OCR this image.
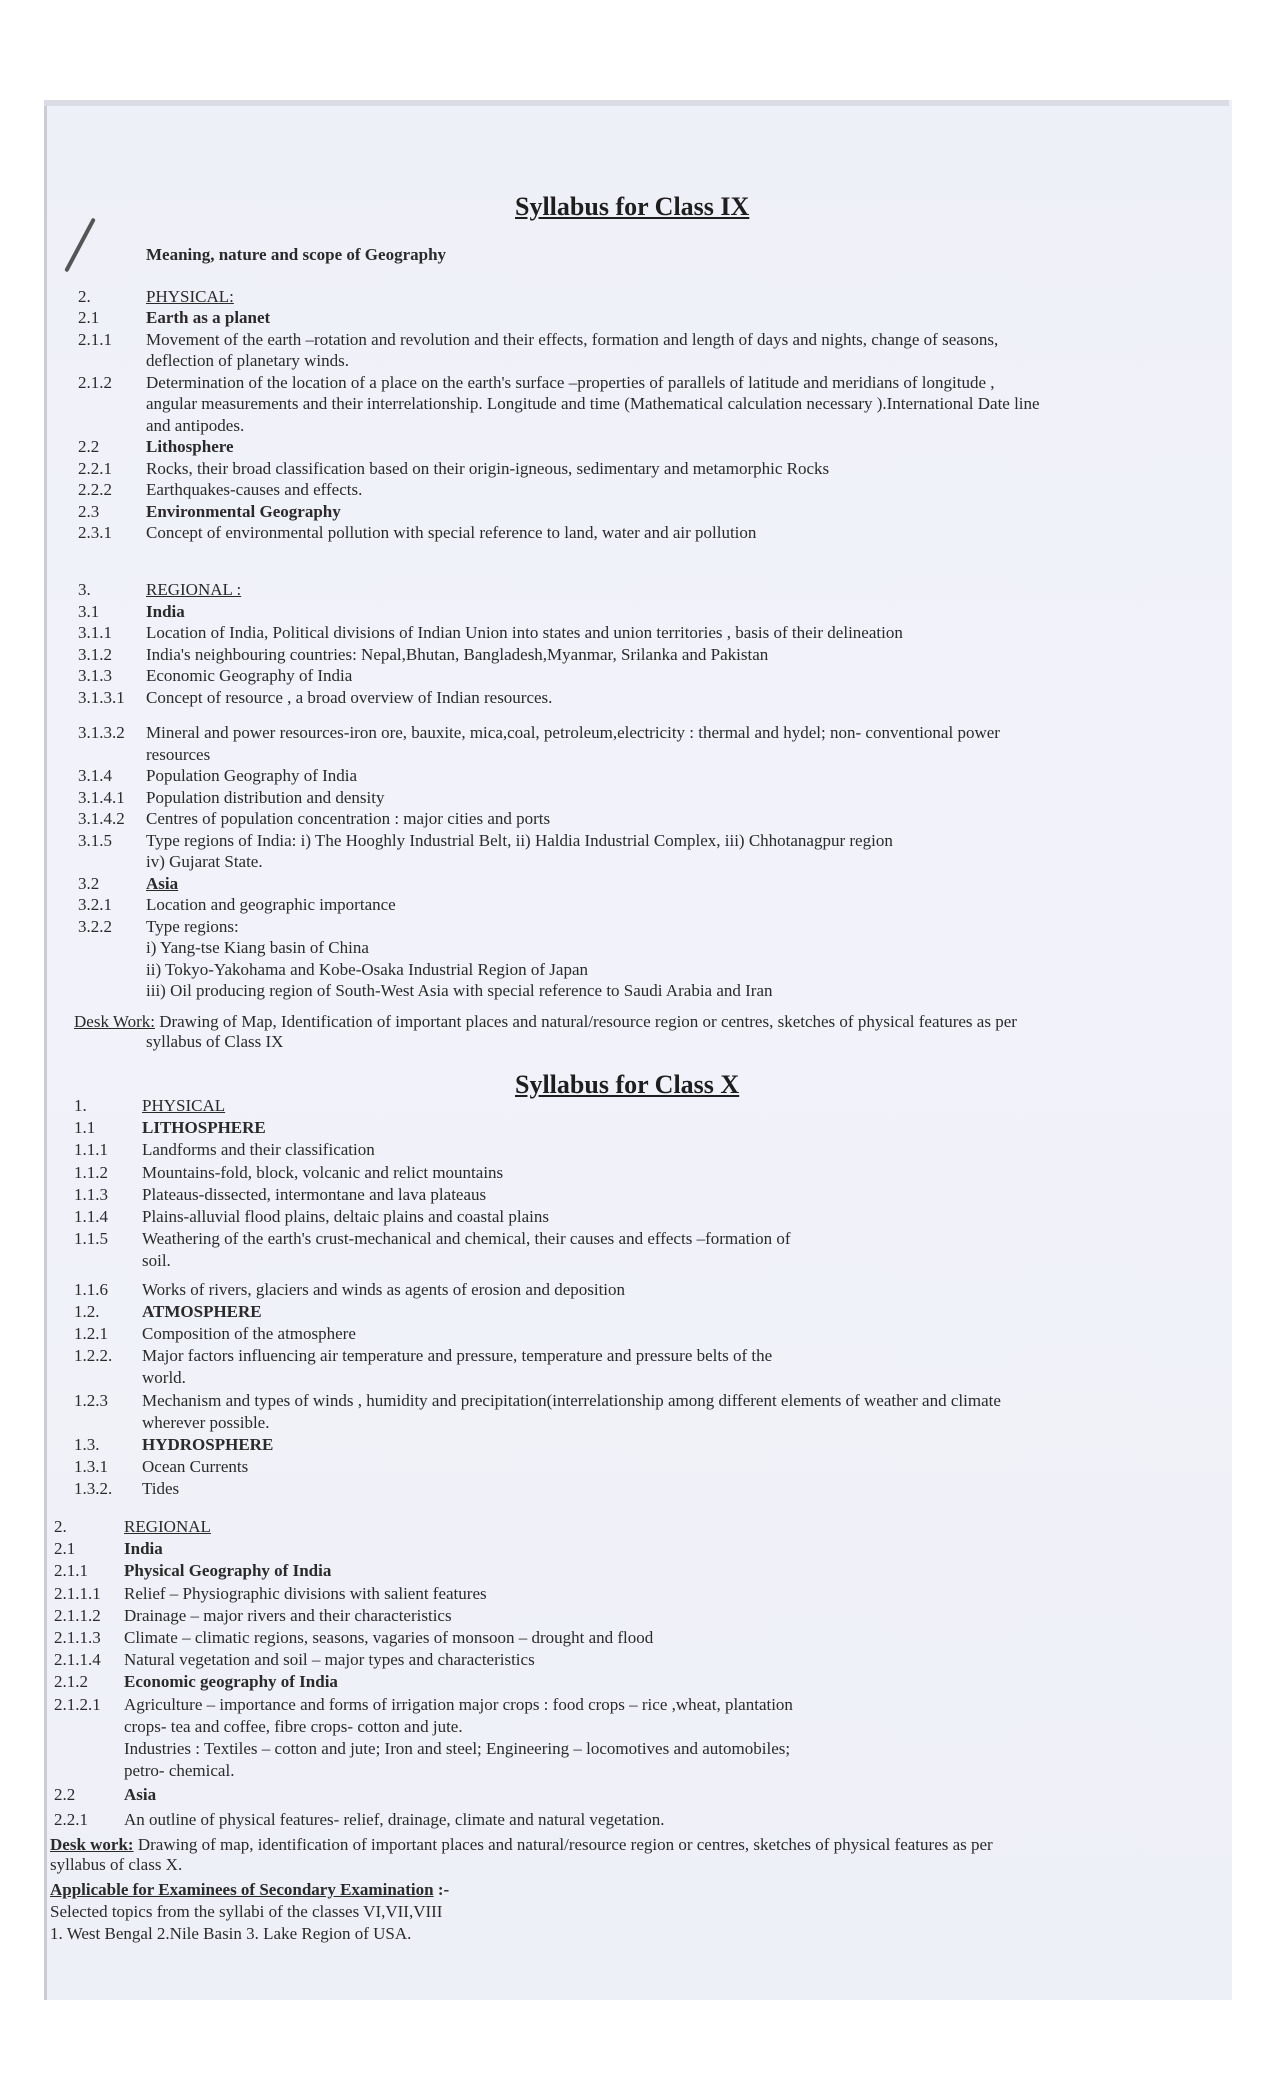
Syllabus for Class IX
Meaning, nature and scope of Geography
2.	PHYSICAL:
2.1	Earth as a planet
2.1.1	Movement of the earth –rotation and revolution and their effects, formation and length of days and nights, change of seasons,
deflection of planetary winds.
2.1.2	Determination of the location of a place on the earth's surface –properties of parallels of latitude and meridians of longitude ,
angular measurements and their interrelationship. Longitude and time (Mathematical calculation necessary ).International Date line
and antipodes.
2.2	Lithosphere
2.2.1	Rocks, their broad classification based on their origin-igneous, sedimentary and metamorphic Rocks
2.2.2	Earthquakes-causes and effects.
2.3	Environmental Geography
2.3.1	Concept of environmental pollution with special reference to land, water and air pollution
3.	REGIONAL :
3.1	India
3.1.1	Location of India, Political divisions of Indian Union into states and union territories , basis of their delineation
3.1.2	India's neighbouring countries: Nepal,Bhutan, Bangladesh,Myanmar, Srilanka and Pakistan
3.1.3	Economic Geography of India
3.1.3.1	Concept of resource , a broad overview of Indian resources.
3.1.3.2	Mineral and power resources-iron ore, bauxite, mica,coal, petroleum,electricity : thermal and hydel; non- conventional power
resources
3.1.4	Population Geography of India
3.1.4.1	Population distribution and density
3.1.4.2	Centres of population concentration : major cities and ports
3.1.5	Type regions of India: i) The Hooghly Industrial Belt, ii) Haldia Industrial Complex, iii) Chhotanagpur region
iv) Gujarat State.
3.2	Asia
3.2.1	Location and geographic importance
3.2.2	Type regions:
i) Yang-tse Kiang basin of China
ii) Tokyo-Yakohama and Kobe-Osaka Industrial Region of Japan
iii) Oil producing region of South-West Asia with special reference to Saudi Arabia and Iran
Desk Work: Drawing of Map, Identification of important places and natural/resource region or centres, sketches of physical features as per
syllabus of Class IX
Syllabus for Class X
1.	PHYSICAL
1.1	LITHOSPHERE
1.1.1	Landforms and their classification
1.1.2	Mountains-fold, block, volcanic and relict mountains
1.1.3	Plateaus-dissected, intermontane and lava plateaus
1.1.4	Plains-alluvial flood plains, deltaic plains and coastal plains
1.1.5	Weathering of the earth's crust-mechanical and chemical, their causes and effects –formation of
soil.
1.1.6	Works of rivers, glaciers and winds as agents of erosion and deposition
1.2.	ATMOSPHERE
1.2.1	Composition of the atmosphere
1.2.2.	Major factors influencing air temperature and pressure, temperature and pressure belts of the
world.
1.2.3	Mechanism and types of winds , humidity and precipitation(interrelationship among different elements of weather and climate
wherever possible.
1.3.	HYDROSPHERE
1.3.1	Ocean Currents
1.3.2.	Tides
2.	REGIONAL
2.1	India
2.1.1	Physical Geography of India
2.1.1.1	Relief – Physiographic divisions with salient features
2.1.1.2	Drainage – major rivers and their characteristics
2.1.1.3	Climate – climatic regions, seasons, vagaries of monsoon – drought and flood
2.1.1.4	Natural vegetation and soil – major types and characteristics
2.1.2	Economic geography of India
2.1.2.1	Agriculture – importance and forms of irrigation major crops : food crops – rice ,wheat, plantation
crops- tea and coffee, fibre crops- cotton and jute.
Industries : Textiles – cotton and jute; Iron and steel; Engineering – locomotives and automobiles;
petro- chemical.
2.2	Asia
2.2.1	An outline of physical features- relief, drainage, climate and natural vegetation.
Desk work: Drawing of map, identification of important places and natural/resource region or centres, sketches of physical features as per
syllabus of class X.
Applicable for Examinees of Secondary Examination :-
Selected topics from the syllabi of the classes VI,VII,VIII
1. West Bengal 2.Nile Basin 3. Lake Region of USA.
